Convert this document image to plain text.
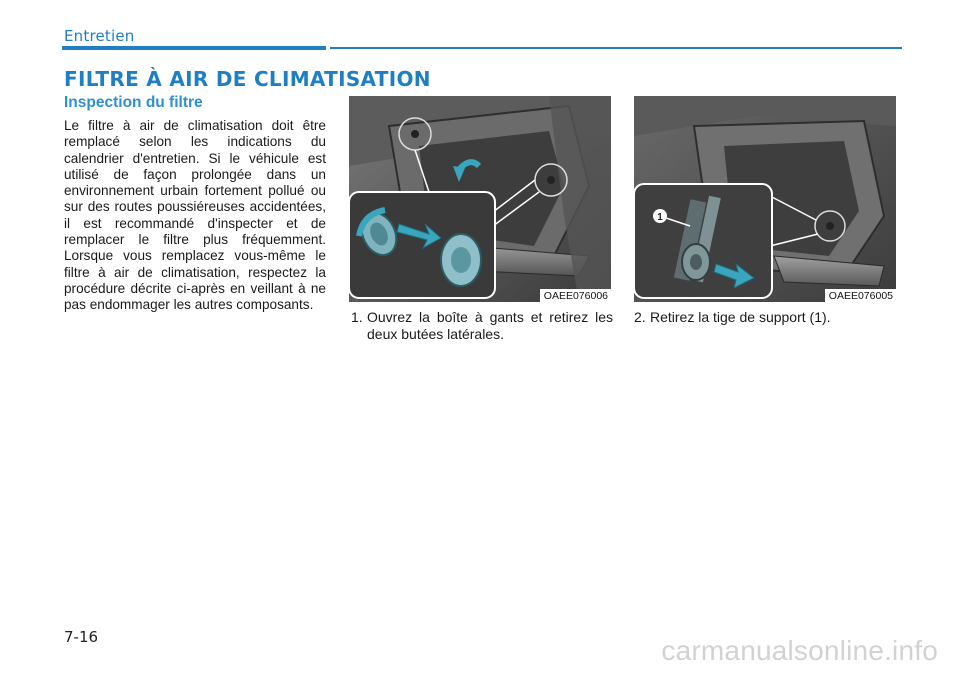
Entretien
FILTRE À AIR DE CLIMATISATION
Inspection du filtre
Le filtre à air de climatisation doit être remplacé selon les indications du calendrier d'entretien. Si le véhicule est utilisé de façon prolongée dans un environnement urbain fortement pollué ou sur des routes poussiéreuses accidentées, il est recommandé d'inspecter et de remplacer le filtre plus fréquemment. Lorsque vous remplacez vous-même le filtre à air de climatisation, respectez la procédure décrite ci-après en veillant à ne pas endommager les autres composants.
OAEE076006
1
OAEE076005
1. Ouvrez la boîte à gants et retirez les deux butées latérales.
2. Retirez la tige de support (1).
7-16	carmanualsonline.info
